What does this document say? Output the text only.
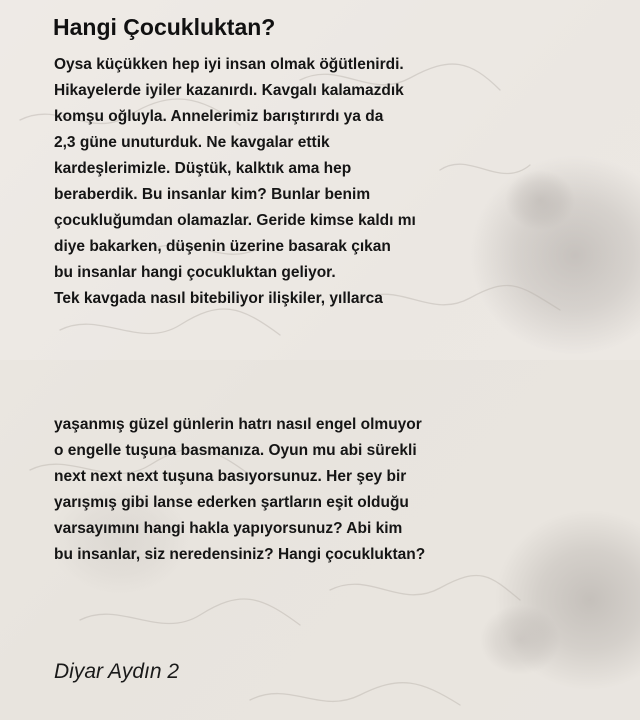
Hangi Çocukluktan?
Oysa küçükken hep iyi insan olmak öğütlenirdi.
Hikayelerde iyiler kazanırdı. Kavgalı kalamazdık
komşu oğluyla. Annelerimiz barıştırırdı ya da
2,3 güne unuturduk. Ne kavgalar ettik
kardeşlerimizle. Düştük, kalktık ama hep
beraberdik. Bu insanlar kim? Bunlar benim
çocukluğumdan olamazlar. Geride kimse kaldı mı
diye bakarken, düşenin üzerine basarak çıkan
bu insanlar hangi çocukluktan geliyor.
Tek kavgada nasıl bitebiliyor ilişkiler, yıllarca
yaşanmış güzel günlerin hatrı nasıl engel olmuyor
o engelle tuşuna basmanıza. Oyun mu abi sürekli
next next next tuşuna basıyorsunuz. Her şey bir
yarışmış gibi lanse ederken şartların eşit olduğu
varsayımını hangi hakla yapıyorsunuz? Abi kim
bu insanlar, siz neredensiniz? Hangi çocukluktan?
Diyar Aydın 2
